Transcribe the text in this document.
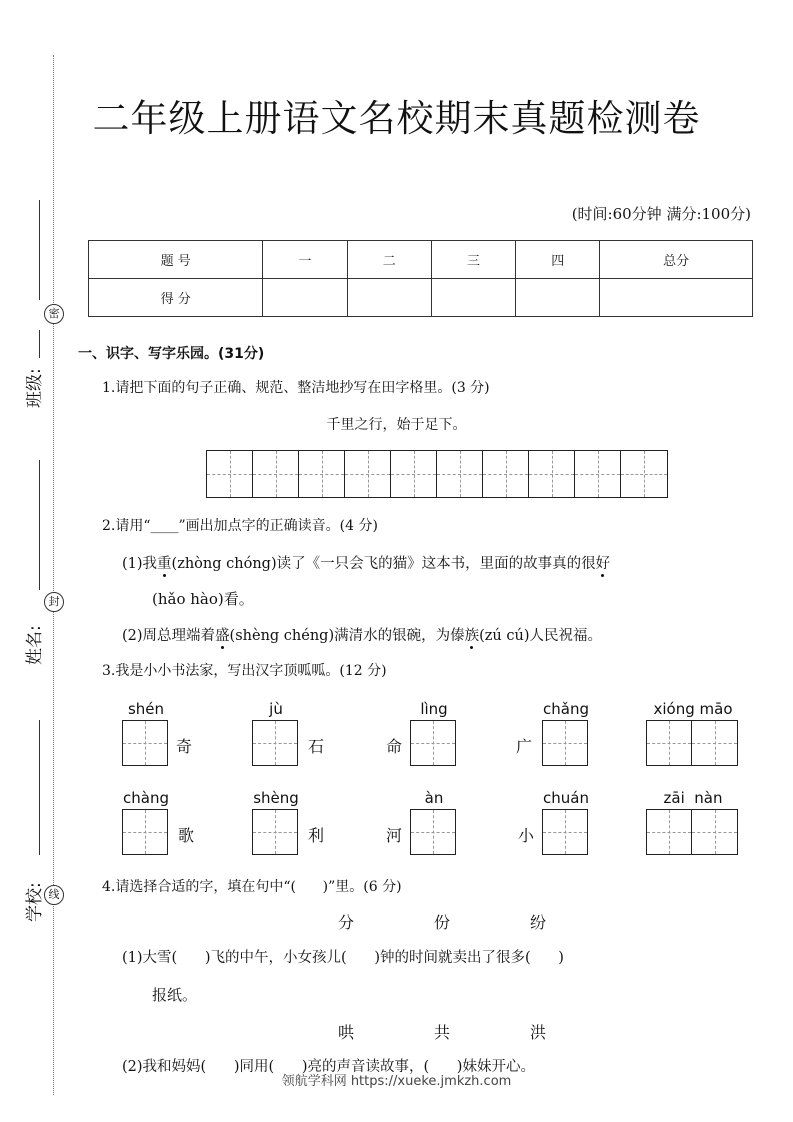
二年级上册语文名校期末真题检测卷
(时间:60分钟 满分:100分)
题 号	一	二	三	四	总分
得 分					
密
班级:
封
姓名:
线
学校:
一、识字、写字乐园。(31分)
1.请把下面的句子正确、规范、整洁地抄写在田字格里。(3 分)
千里之行，始于足下。
2.请用“____”画出加点字的正确读音。(4 分)
(1)我重(zhòng chóng)读了《一只会飞的猫》这本书，里面的故事真的很好
(hǎo hào)看。
(2)周总理端着盛(shèng chéng)满清水的银碗，为傣族(zú cú)人民祝福。
3.我是小小书法家，写出汉字顶呱呱。(12 分)
shén
奇
jù
石	命
lìng
广
chǎng	xióng māo
chàng
歌
shèng
利	河
àn
小
chuán	zāi  nàn
4.请选择合适的字，填在句中“(      )”里。(6 分)
分	份	纷
(1)大雪(      )飞的中午，小女孩儿(      )钟的时间就卖出了很多(      )
报纸。
哄	共	洪
(2)我和妈妈(      )同用(      )亮的声音读故事，(      )妹妹开心。
领航学科网 https://xueke.jmkzh.com
